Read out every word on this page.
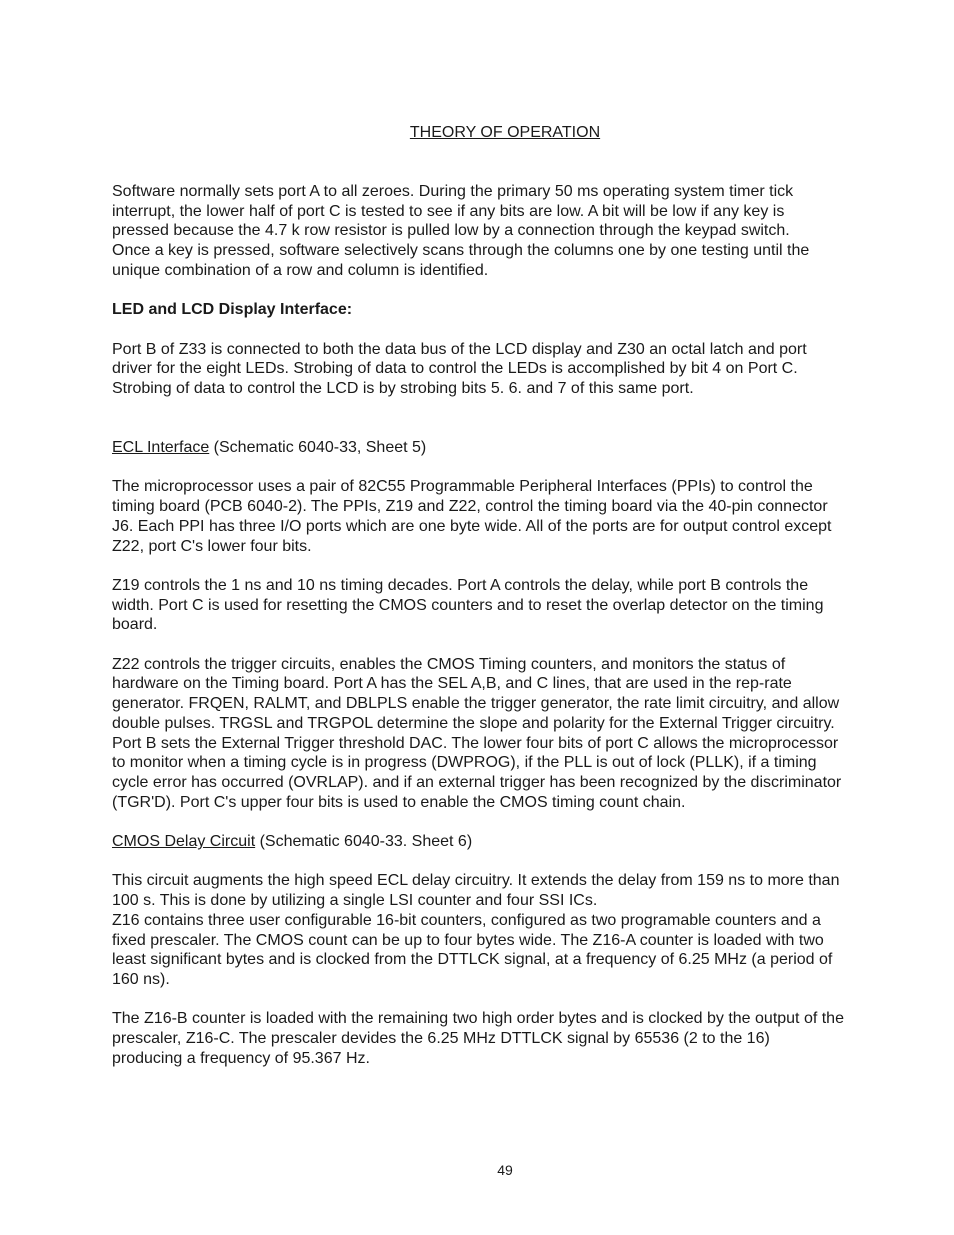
THEORY OF OPERATION

Software normally sets port A to all zeroes. During the primary 50 ms operating system timer tick
interrupt, the lower half of port C is tested to see if any bits are low. A bit will be low if any key is
pressed because the 4.7 k row resistor is pulled low by a connection through the keypad switch.
Once a key is pressed, software selectively scans through the columns one by one testing until the
unique combination of a row and column is identified.

LED and LCD Display Interface:

Port B of Z33 is connected to both the data bus of the LCD display and Z30 an octal latch and port
driver for the eight LEDs. Strobing of data to control the LEDs is accomplished by bit 4 on Port C.
Strobing of data to control the LCD is by strobing bits 5. 6. and 7 of this same port.

ECL Interface (Schematic 6040-33, Sheet 5)

The microprocessor uses a pair of 82C55 Programmable Peripheral Interfaces (PPIs) to control the
timing board (PCB 6040-2). The PPIs, Z19 and Z22, control the timing board via the 40-pin connector
J6. Each PPI has three I/O ports which are one byte wide. All of the ports are for output control except
Z22, port C's lower four bits.

Z19 controls the 1 ns and 10 ns timing decades. Port A controls the delay, while port B controls the
width. Port C is used for resetting the CMOS counters and to reset the overlap detector on the timing
board.

Z22 controls the trigger circuits, enables the CMOS Timing counters, and monitors the status of
hardware on the Timing board. Port A has the SEL A,B, and C lines, that are used in the rep-rate
generator. FRQEN, RALMT, and DBLPLS enable the trigger generator, the rate limit circuitry, and allow
double pulses. TRGSL and TRGPOL determine the slope and polarity for the External Trigger circuitry.
Port B sets the External Trigger threshold DAC. The lower four bits of port C allows the microprocessor
to monitor when a timing cycle is in progress (DWPROG), if the PLL is out of lock (PLLK), if a timing
cycle error has occurred (OVRLAP). and if an external trigger has been recognized by the discriminator
(TGR'D). Port C's upper four bits is used to enable the CMOS timing count chain.

CMOS Delay Circuit (Schematic 6040-33. Sheet 6)

This circuit augments the high speed ECL delay circuitry. It extends the delay from 159 ns to more than
100 s. This is done by utilizing a single LSI counter and four SSI ICs.
Z16 contains three user configurable 16-bit counters, configured as two programable counters and a
fixed prescaler. The CMOS count can be up to four bytes wide. The Z16-A counter is loaded with two
least significant bytes and is clocked from the DTTLCK signal, at a frequency of 6.25 MHz (a period of
160 ns).

The Z16-B counter is loaded with the remaining two high order bytes and is clocked by the output of the
prescaler, Z16-C. The prescaler devides the 6.25 MHz DTTLCK signal by 65536 (2 to the 16)
producing a frequency of 95.367 Hz.

49
